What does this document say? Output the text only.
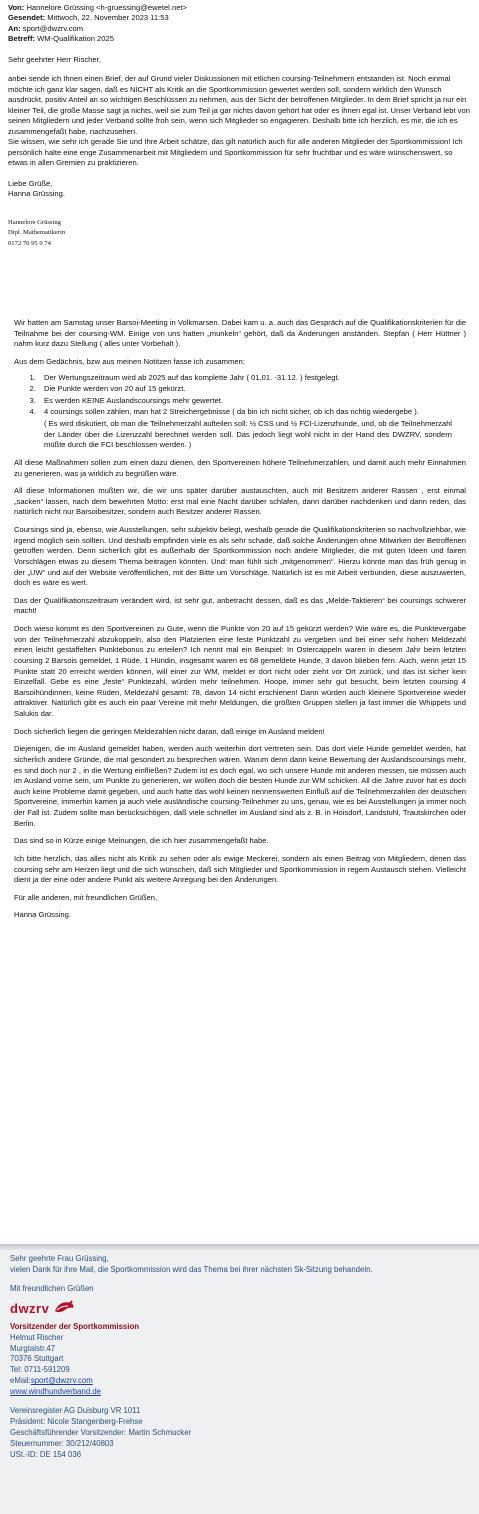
Von: Hannelore Grüssing <h-gruessing@ewetel.net>
Gesendet: Mittwoch, 22. November 2023 11:53
An: sport@dwzrv.com
Betreff: WM-Qualifikation 2025

Sehr geehrter Herr Rischer,

anbei sende ich Ihnen einen Brief, der auf Grund vieler Diskussionen mit etlichen coursing-Teilnehmern entstanden ist. Noch einmal möchte ich ganz klar sagen, daß es NICHT als Kritik an die Sportkommission gewertet werden soll, sondern wirklich den Wunsch ausdrückt, positiv Anteil an so wichtigen Beschlüssen zu nehmen, aus der Sicht der betroffenen Mitglieder. In dem Brief spricht ja nur ein kleiner Teil, die große Masse sagt ja nichts, weil sie zum Teil ja gar nichts davon gehört hat oder es ihnen egal ist. Unser Verband lebt von seinen Mitgliedern und jeder Verband sollte froh sein, wenn sich Mitglieder so engagieren. Deshalb bitte ich herzlich, es mir, die ich es zusammengefaßt habe, nachzusehen.

Sie wissen, wie sehr ich gerade Sie und Ihre Arbeit schätze, das gilt natürlich auch für alle anderen Mitglieder der Sportkommission! Ich persönlich halte eine enge Zusammenarbeit mit Mitgliedern und Sportkommission für sehr fruchtbar und es wäre wünschenswert, so etwas in allen Gremien zu praktizieren.

Liebe Grüße,

Hanna Grüssing.

Hannelore Grüssing
Dipl. Mathematikerin
0172 70 95 0 74

Wir hatten am Samstag unser Barsoi-Meeting in Volkmarsen. Dabei kam u. a. auch das Gespräch auf die Qualifikationskriterien für die Teilnahme bei der coursing-WM. Einige von uns hatten „munkeln“ gehört, daß da Änderungen anständen. Stepfan ( Herr Hüttner ) nahm kurz dazu Stellung ( alles unter Vorbehalt ).

Aus dem Gedächnis, bzw aus meinen Notitzen fasse ich zusammen:

1. Der Wertungszeitraum wird ab 2025 auf das komplette Jahr ( 01.01. -31.12. ) festgelegt.
2. Die Punkte werden von 20 auf 15 gekürzt.
3. Es werden KEINE Auslandscoursings mehr gewertet.
4. 4 coursings sollen zählen, man hat 2 Streichergebnisse ( da bin ich nicht sicher, ob ich das richtig wiedergebe ).

( Es wird diskutiert, ob man die Teilnehmerzahl aufteilen soll: ½ CSS und ½ FCI-Lizenzhunde, und, ob die Teilnehmerzahl der Länder über die Lizenzzahl berechnet werden soll. Das jedoch liegt wohl nicht in der Hand des DWZRV, sondern müßte durch die FCI beschlossen werden. )

All diese Maßnahmen sollen zum einen dazu dienen, den Sportvereinen höhere Teilnehmerzahlen, und damit auch mehr Einnahmen zu generieren, was ja wirklich zu begrüßen wäre.

All diese Informationen mußten wir, die wir uns später darüber austauschten, auch mit Besitzern anderer Rassen , erst einmal „sacken“ lassen, nach dem bewehrten Motto: erst mal eine Nacht darüber schlafen, dann darüber nachdenken und dann reden, das natürlich nicht nur Barsoibesitzer, sondern auch Besitzer anderer Rassen.

Coursings sind ja, ebenso, wie Ausstellungen, sehr subjektiv belegt, weshalb gerade die Qualifikationskriterien so nachvollziehbar, wie irgend möglich sein sollten. Und deshalb empfinden viele es als sehr schade, daß solche Änderungen ohne Mitwirken der Betroffenen getroffen werden. Denn sicherlich gibt es außerhalb der Sportkommission noch andere Mitglieder, die mit guten Ideen und fairen Vorschlägen etwas zu diesem Thema beitragen könnten. Und: man fühlt sich „mitgenommen“. Hierzu könnte man das früh genug in der „UW“ und auf der Website veröffentlichen, mit der Bitte um Vorschläge. Natürlich ist es mit Arbeit verbunden, diese auszuwerten, doch es wäre es wert.

Das der Qualifikationszeitraum verändert wird, ist sehr gut, anbetracht dessen, daß es das „Melde-Taktieren“ bei coursings schwerer macht!

Doch wieso kommt es den Sportvereinen zu Gute, wenn die Punkte von 20 auf 15 gekürzt werden? Wie wäre es, die Punktevergabe von der Teilnehmerzahl abzukoppeln, also den Platzierten eine feste Punktzahl zu vergeben und bei einer sehr hohen Meldezahl einen leicht gestaffelten Punktebonus zu erteilen? Ich nennt mal ein Beispiel: In Ostercappeln waren in diesem Jahr beim letzten coursing 2 Barsois gemeldet, 1 Rüde, 1 Hündin, insgesamt waren es 68 gemeldete Hunde, 3 davon blieben fern. Auch, wenn jetzt 15 Punkte statt 20 erreicht werden können, will einer zur WM, meldet er dort nicht oder zieht vor Ort zurück, und das ist sicher kein Einzelfall. Gebe es eine „feste“ Punktezahl, würden mehr teilnehmen. Hoope, immer sehr gut besucht, beim letzten coursing 4 Barsoihündinnen, keine Rüden, Meldezahl gesamt: 78, davon 14 nicht erschienen! Dann würden auch kleinere Sportvereine wieder attraktiver. Natürlich gibt es auch ein paar Vereine mit mehr Meldungen, die größten Gruppen stellen ja fast immer die Whippets und Salukis dar.

Doch sicherlich liegen die geringen Meldezahlen nicht daran, daß einige im Ausland melden!

Diejenigen, die im Ausland gemeldet haben, werden auch weiterhin dort vertreten sein. Das dort viele Hunde gemeldet werden, hat sicherlich andere Gründe, die mal gesondert zu besprechen wären. Warum denn dann keine Bewertung der Auslandscoursings mehr, es sind doch nur 2 , in die Wertung einfließen? Zudem ist es doch egal, wo sich unsere Hunde mit anderen messen, sie müssen auch im Ausland vorne sein, um Punkte zu generieren, wir wollen doch die besten Hunde zur WM schicken. All die Jahre zuvor hat es doch auch keine Probleme damit gegeben, und auch hatte das wohl keinen nennenswerten Einfluß auf die Teilnehmerzahlen der deutschen Sportvereine, immerhin kamen ja auch viele ausländische coursing-Teilnehmer zu uns, genau, wie es bei Ausstellungen ja immer noch der Fall ist. Zudem sollte man berücksichtigen, daß viele schneller im Ausland sind als z. B. in Hoisdorf, Landstuhl, Trautskirchen oder Berlin.

Das sind so in Kürze einige Meinungen, die ich hier zusammengefaßt habe.

Ich bitte herzlich, das alles nicht als Kritik zu sehen oder als ewige Meckerei, sondern als einen Beitrag von Mitgliedern, denen das coursing sehr am Herzen liegt und die sich wünschen, daß sich Mitglieder und Sportkommission in regem Austausch stehen. Vielleicht dient ja der eine oder andere Punkt als weitere Anregung bei den Änderungen.

Für alle anderen, mit freundlichen Grüßen,

Hanna Grüssing.

Sehr geehrte Frau Grüssing,

vielen Dank für ihre Mail, die Sportkommission wird das Thema bei ihrer nächsten Sk-Sitzung behandeln.

Mit freundlichen Grüßen

dwzrv

Vorsitzender der Sportkommission

Helmut Rischer

Murgtalstr.47

70376 Stuttgart

Tel: 0711-591209

eMail:sport@dwzrv.com

www.windhundverband.de

Vereinsregister AG Duisburg VR 1011

Präsident: Nicole Stangenberg-Frehse

Geschäftsführender Vorsitzender: Martin Schmucker

Steuernummer: 30/212/40803

USt.-ID: DE 154 036
